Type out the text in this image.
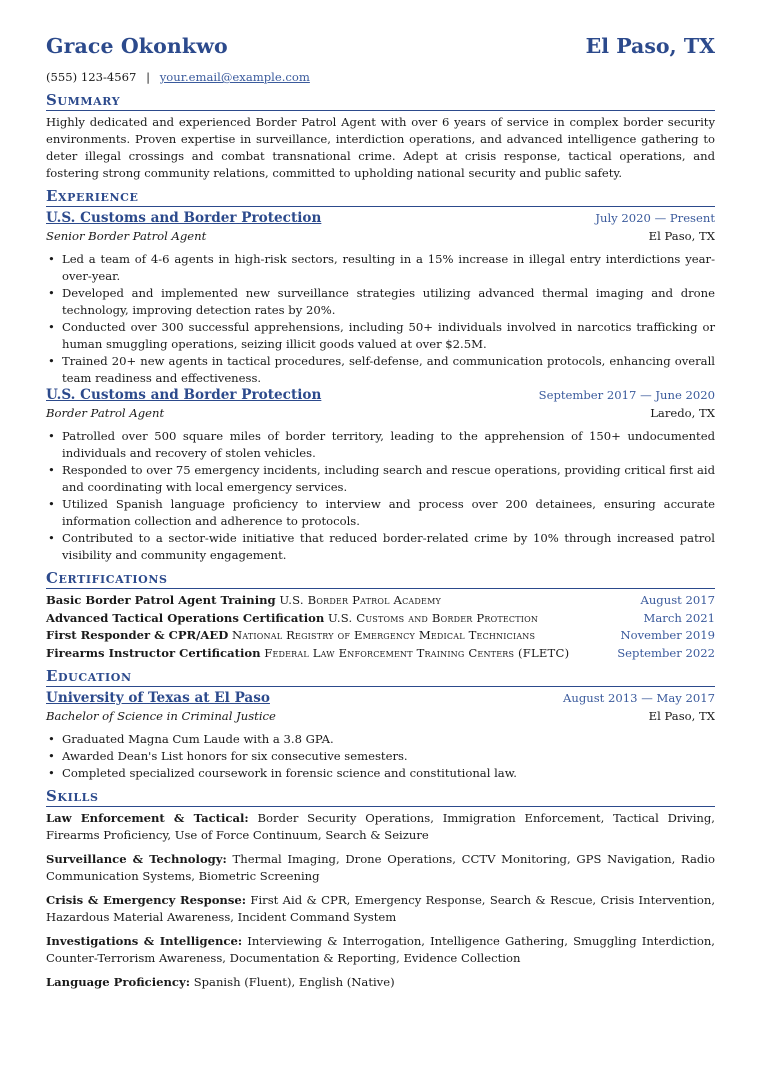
Grace Okonkwo	El Paso, TX
(555) 123-4567 | your.email@example.com
Summary
Highly dedicated and experienced Border Patrol Agent with over 6 years of service in complex border security environments. Proven expertise in surveillance, interdiction operations, and advanced intelligence gathering to deter illegal crossings and combat transnational crime. Adept at crisis response, tactical operations, and fostering strong community relations, committed to upholding national security and public safety.
Experience
U.S. Customs and Border Protection	July 2020 — Present
Senior Border Patrol Agent	El Paso, TX
• Led a team of 4-6 agents in high-risk sectors, resulting in a 15% increase in illegal entry interdictions year-over-year.
• Developed and implemented new surveillance strategies utilizing advanced thermal imaging and drone technology, improving detection rates by 20%.
• Conducted over 300 successful apprehensions, including 50+ individuals involved in narcotics trafficking or human smuggling operations, seizing illicit goods valued at over $2.5M.
• Trained 20+ new agents in tactical procedures, self-defense, and communication protocols, enhancing overall team readiness and effectiveness.
U.S. Customs and Border Protection	September 2017 — June 2020
Border Patrol Agent	Laredo, TX
• Patrolled over 500 square miles of border territory, leading to the apprehension of 150+ undocumented individuals and recovery of stolen vehicles.
• Responded to over 75 emergency incidents, including search and rescue operations, providing critical first aid and coordinating with local emergency services.
• Utilized Spanish language proficiency to interview and process over 200 detainees, ensuring accurate information collection and adherence to protocols.
• Contributed to a sector-wide initiative that reduced border-related crime by 10% through increased patrol visibility and community engagement.
Certifications
Basic Border Patrol Agent Training U.S. Border Patrol Academy	August 2017
Advanced Tactical Operations Certification U.S. Customs and Border Protection	March 2021
First Responder & CPR/AED National Registry of Emergency Medical Technicians	November 2019
Firearms Instructor Certification Federal Law Enforcement Training Centers (FLETC)	September 2022
Education
University of Texas at El Paso	August 2013 — May 2017
Bachelor of Science in Criminal Justice	El Paso, TX
• Graduated Magna Cum Laude with a 3.8 GPA.
• Awarded Dean's List honors for six consecutive semesters.
• Completed specialized coursework in forensic science and constitutional law.
Skills
Law Enforcement & Tactical: Border Security Operations, Immigration Enforcement, Tactical Driving, Firearms Proficiency, Use of Force Continuum, Search & Seizure
Surveillance & Technology: Thermal Imaging, Drone Operations, CCTV Monitoring, GPS Navigation, Radio Communication Systems, Biometric Screening
Crisis & Emergency Response: First Aid & CPR, Emergency Response, Search & Rescue, Crisis Intervention, Hazardous Material Awareness, Incident Command System
Investigations & Intelligence: Interviewing & Interrogation, Intelligence Gathering, Smuggling Interdiction, Counter-Terrorism Awareness, Documentation & Reporting, Evidence Collection
Language Proficiency: Spanish (Fluent), English (Native)
